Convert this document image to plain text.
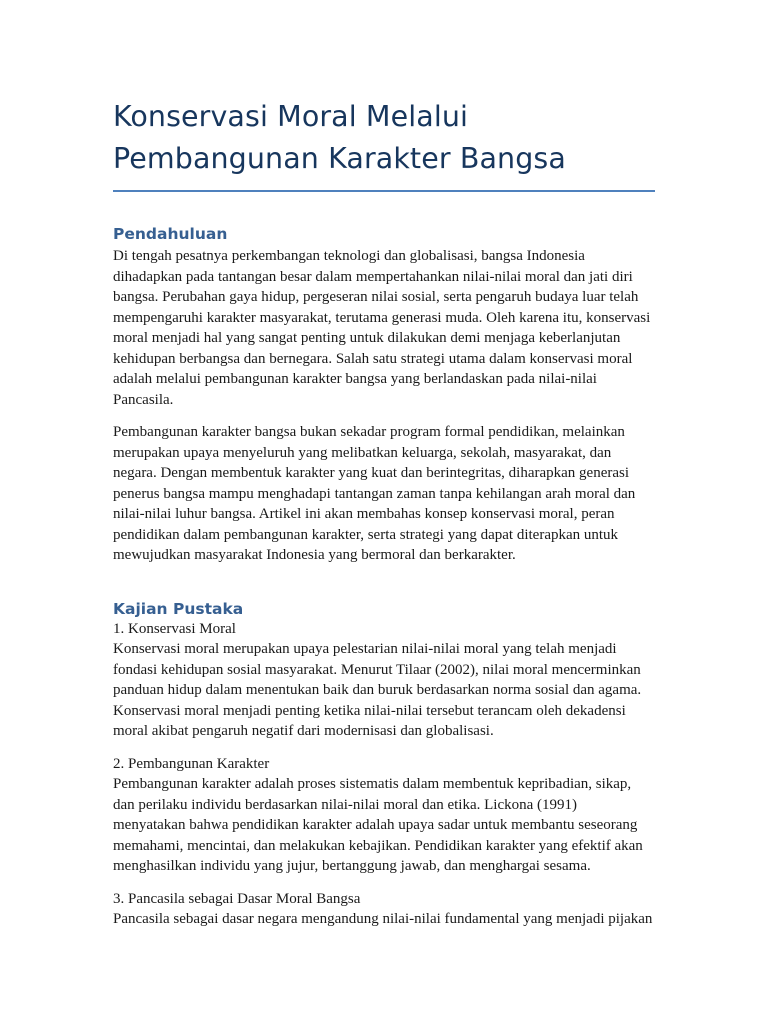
Konservasi Moral Melalui
Pembangunan Karakter Bangsa
Pendahuluan

Di tengah pesatnya perkembangan teknologi dan globalisasi, bangsa Indonesia
dihadapkan pada tantangan besar dalam mempertahankan nilai-nilai moral dan jati diri
bangsa. Perubahan gaya hidup, pergeseran nilai sosial, serta pengaruh budaya luar telah
mempengaruhi karakter masyarakat, terutama generasi muda. Oleh karena itu, konservasi
moral menjadi hal yang sangat penting untuk dilakukan demi menjaga keberlanjutan
kehidupan berbangsa dan bernegara. Salah satu strategi utama dalam konservasi moral
adalah melalui pembangunan karakter bangsa yang berlandaskan pada nilai-nilai
Pancasila.

Pembangunan karakter bangsa bukan sekadar program formal pendidikan, melainkan
merupakan upaya menyeluruh yang melibatkan keluarga, sekolah, masyarakat, dan
negara. Dengan membentuk karakter yang kuat dan berintegritas, diharapkan generasi
penerus bangsa mampu menghadapi tantangan zaman tanpa kehilangan arah moral dan
nilai-nilai luhur bangsa. Artikel ini akan membahas konsep konservasi moral, peran
pendidikan dalam pembangunan karakter, serta strategi yang dapat diterapkan untuk
mewujudkan masyarakat Indonesia yang bermoral dan berkarakter.

Kajian Pustaka

1. Konservasi Moral

Konservasi moral merupakan upaya pelestarian nilai-nilai moral yang telah menjadi
fondasi kehidupan sosial masyarakat. Menurut Tilaar (2002), nilai moral mencerminkan
panduan hidup dalam menentukan baik dan buruk berdasarkan norma sosial dan agama.
Konservasi moral menjadi penting ketika nilai-nilai tersebut terancam oleh dekadensi
moral akibat pengaruh negatif dari modernisasi dan globalisasi.

2. Pembangunan Karakter

Pembangunan karakter adalah proses sistematis dalam membentuk kepribadian, sikap,
dan perilaku individu berdasarkan nilai-nilai moral dan etika. Lickona (1991)
menyatakan bahwa pendidikan karakter adalah upaya sadar untuk membantu seseorang
memahami, mencintai, dan melakukan kebajikan. Pendidikan karakter yang efektif akan
menghasilkan individu yang jujur, bertanggung jawab, dan menghargai sesama.

3. Pancasila sebagai Dasar Moral Bangsa

Pancasila sebagai dasar negara mengandung nilai-nilai fundamental yang menjadi pijakan
